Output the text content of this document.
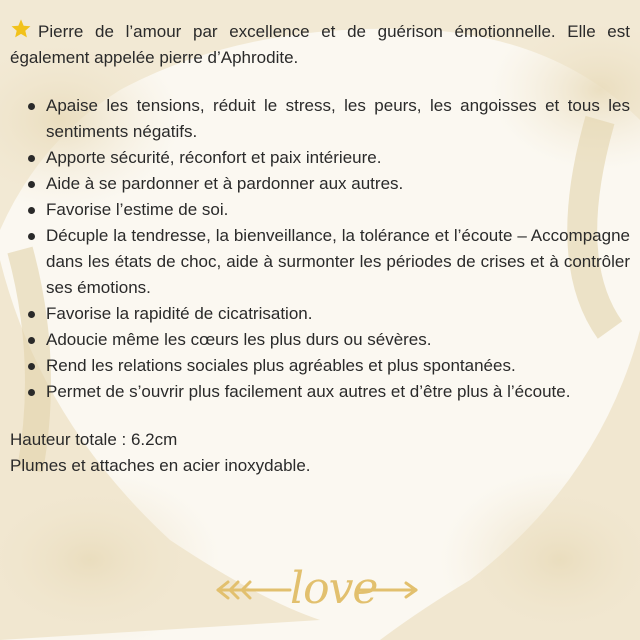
Pierre de l’amour par excellence et de guérison émotionnelle. Elle est également appelée pierre d’Aphrodite.

Apaise les tensions, réduit le stress, les peurs, les angoisses et tous les sentiments négatifs.
Apporte sécurité, réconfort et paix intérieure.
Aide à se pardonner et à pardonner aux autres.
Favorise l’estime de soi.
Décuple la tendresse, la bienveillance, la tolérance et l’écoute – Accompagne dans les états de choc, aide à surmonter les périodes de crises et à contrôler ses émotions.
Favorise la rapidité de cicatrisation.
Adoucie même les cœurs les plus durs ou sévères.
Rend les relations sociales plus agréables et plus spontanées.
Permet de s’ouvrir plus facilement aux autres et d’être plus à l’écoute.

Hauteur totale : 6.2cm

Plumes et attaches en acier inoxydable.

love
